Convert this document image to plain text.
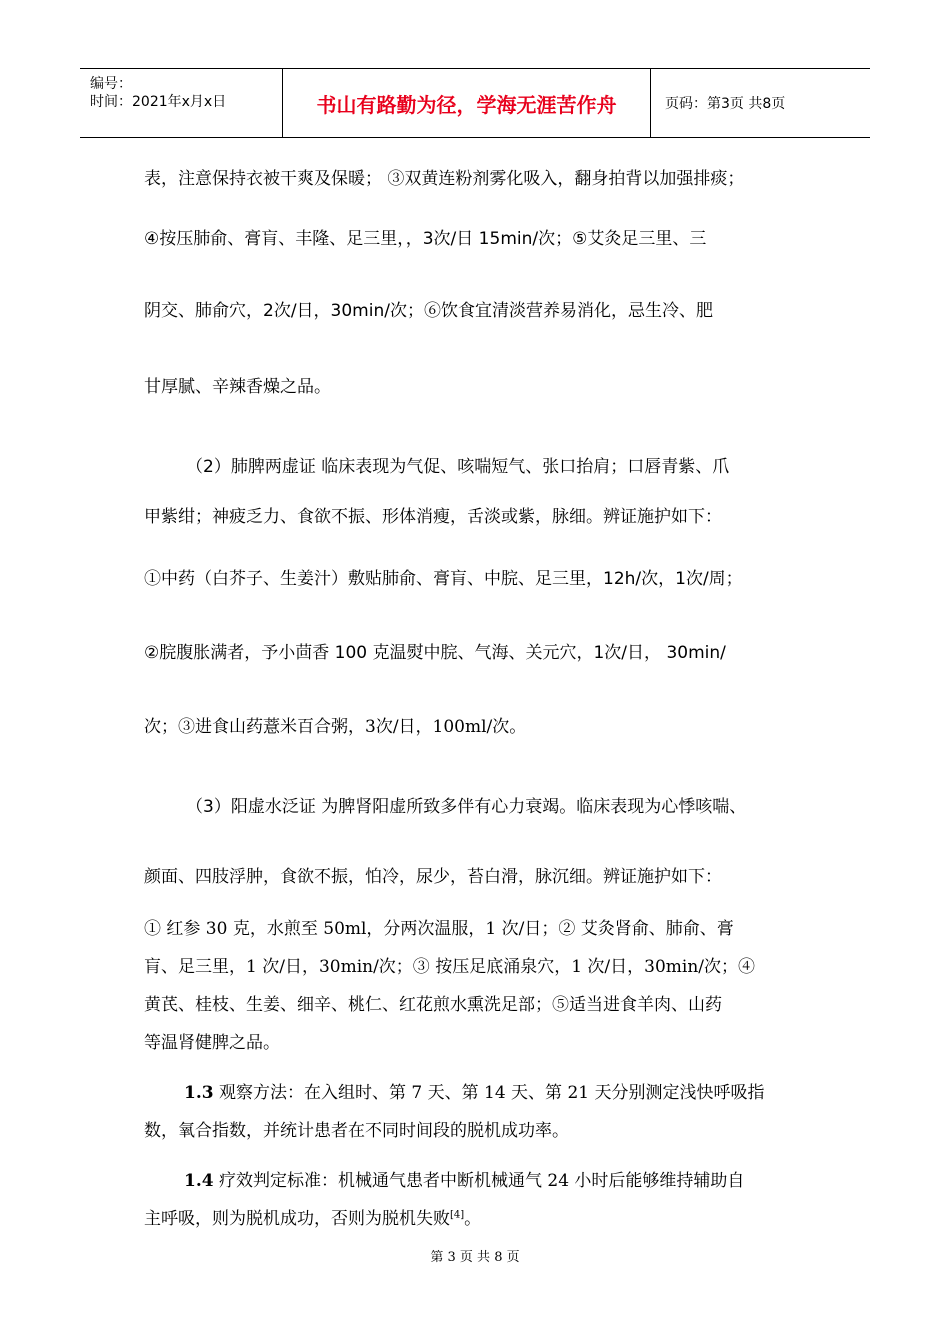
编号：
时间：2021年x月x日	书山有路勤为径，学海无涯苦作舟	页码：第3页 共8页
表，注意保持衣被干爽及保暖； ③双黄连粉剂雾化吸入，翻身拍背以加强排痰；
④按压肺俞、膏肓、丰隆、足三里，，3次/日 15min/次；⑤艾灸足三里、三
阴交、肺俞穴，2次/日，30min/次；⑥饮食宜清淡营养易消化，忌生冷、肥
甘厚腻、辛辣香燥之品。
（2）肺脾两虚证 临床表现为气促、咳喘短气、张口抬肩；口唇青紫、爪
甲紫绀；神疲乏力、食欲不振、形体消瘦，舌淡或紫，脉细。辨证施护如下：
①中药（白芥子、生姜汁）敷贴肺俞、膏肓、中脘、足三里，12h/次，1次/周；
②脘腹胀满者，予小茴香 100 克温熨中脘、气海、关元穴，1次/日， 30min/
次；③进食山药薏米百合粥，3次/日，100ml/次。
（3）阳虚水泛证 为脾肾阳虚所致多伴有心力衰竭。临床表现为心悸咳喘、
颜面、四肢浮肿，食欲不振，怕冷，尿少，苔白滑，脉沉细。辨证施护如下：
① 红参 30 克，水煎至 50ml，分两次温服，1 次/日；② 艾灸肾俞、肺俞、膏
肓、足三里，1 次/日，30min/次；③ 按压足底涌泉穴，1 次/日，30min/次；④
黄芪、桂枝、生姜、细辛、桃仁、红花煎水熏洗足部；⑤适当进食羊肉、山药
等温肾健脾之品。
1.3 观察方法：在入组时、第 7 天、第 14 天、第 21 天分别测定浅快呼吸指
数，氧合指数，并统计患者在不同时间段的脱机成功率。
1.4 疗效判定标准：机械通气患者中断机械通气 24 小时后能够维持辅助自
主呼吸，则为脱机成功，否则为脱机失败[4]。
第 3 页 共 8 页
